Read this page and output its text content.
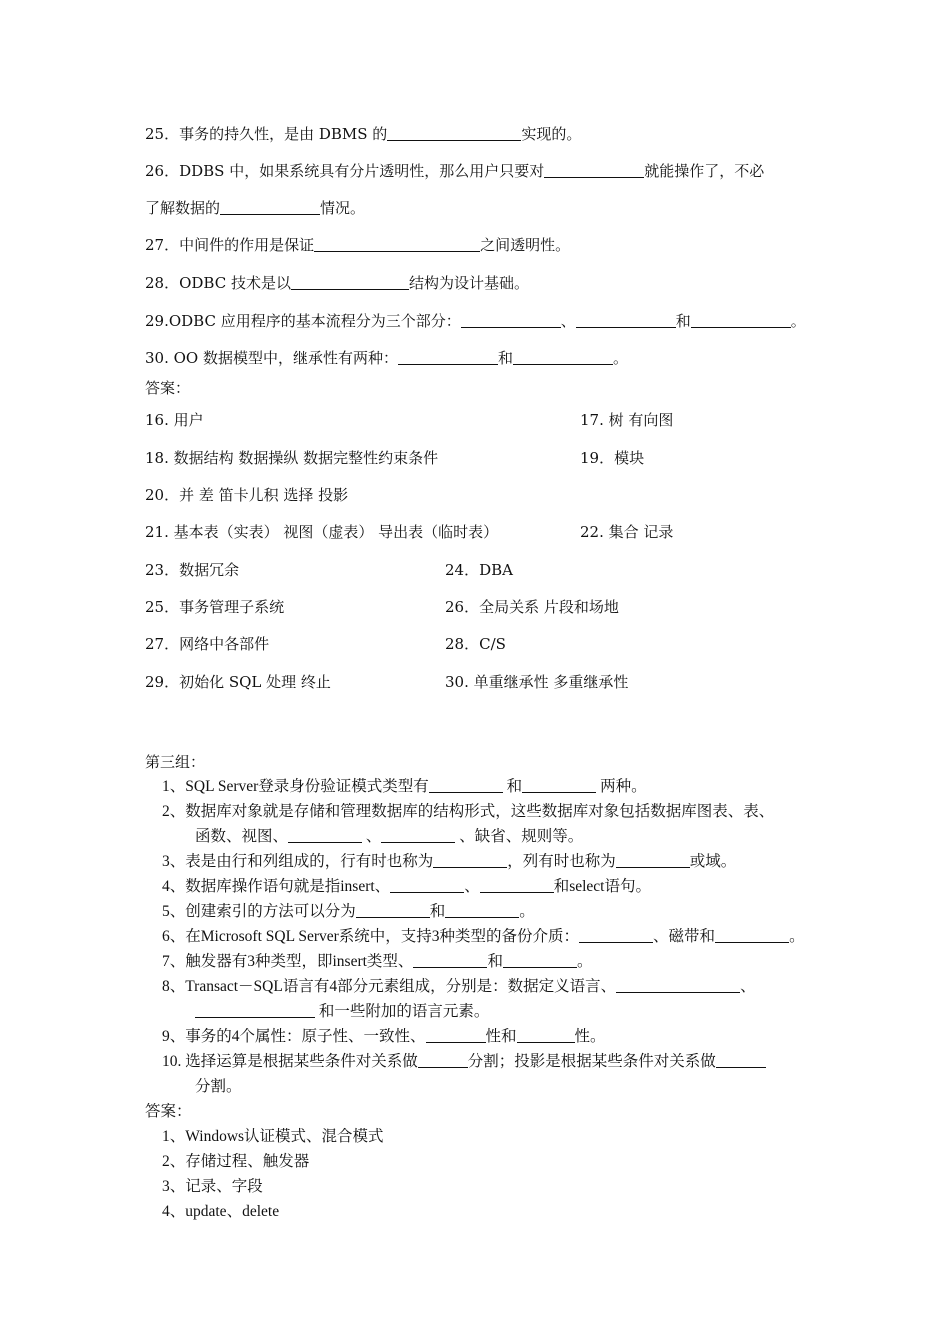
25．事务的持久性，是由 DBMS 的	实现的。
26．DDBS 中，如果系统具有分片透明性，那么用户只要对	就能操作了，不必
了解数据的	情况。
27．中间件的作用是保证	之间透明性。
28．ODBC 技术是以	结构为设计基础。
29.ODBC 应用程序的基本流程分为三个部分：	、	和	。
30. OO 数据模型中，继承性有两种：	和	。
答案：
16. 用户	17. 树 有向图
18. 数据结构 数据操纵 数据完整性约束条件	19．模块
20．并 差 笛卡儿积 选择 投影
21. 基本表（实表） 视图（虚表） 导出表（临时表）	22. 集合 记录
23．数据冗余	24．DBA
25．事务管理子系统	26．全局关系 片段和场地
27．网络中各部件	28．C/S
29．初始化 SQL 处理 终止	30. 单重继承性 多重继承性
第三组：
1、SQL Server登录身份验证模式类型有	和	两种。
2、数据库对象就是存储和管理数据库的结构形式，这些数据库对象包括数据库图表、表、
函数、视图、	、	、缺省、规则等。
3、表是由行和列组成的，行有时也称为	，列有时也称为	或域。
4、数据库操作语句就是指insert、	、	和select语句。
5、创建索引的方法可以分为	和	。
6、在Microsoft SQL Server系统中，支持3种类型的备份介质：	、磁带和	。
7、触发器有3种类型，即insert类型、	和	。
8、Transact－SQL语言有4部分元素组成，分别是：数据定义语言、	、
和一些附加的语言元素。
9、事务的4个属性：原子性、一致性、	性和	性。
10. 选择运算是根据某些条件对关系做	分割；投影是根据某些条件对关系做
分割。
答案：
1、Windows认证模式、混合模式
2、存储过程、触发器
3、记录、字段
4、update、delete
